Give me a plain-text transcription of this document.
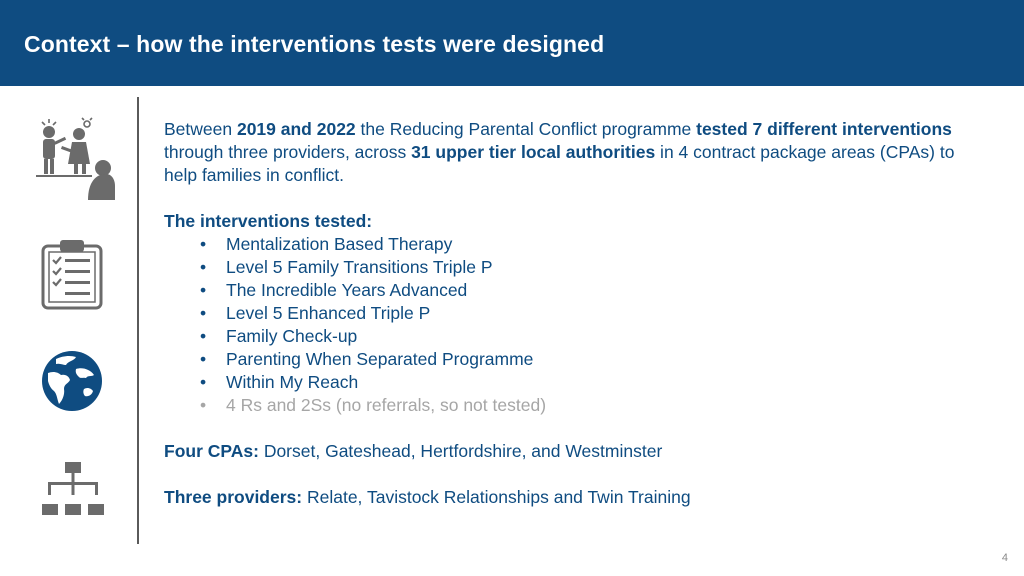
Context – how the interventions tests were designed

Between 2019 and 2022 the Reducing Parental Conflict programme tested 7 different interventions through three providers, across 31 upper tier local authorities in 4 contract package areas (CPAs) to help families in conflict.

The interventions tested:

• Mentalization Based Therapy
• Level 5 Family Transitions Triple P
• The Incredible Years Advanced
• Level 5 Enhanced Triple P
• Family Check-up
• Parenting When Separated Programme
• Within My Reach
• 4 Rs and 2Ss (no referrals, so not tested)

Four CPAs: Dorset, Gateshead, Hertfordshire, and Westminster

Three providers: Relate, Tavistock Relationships and Twin Training

4
